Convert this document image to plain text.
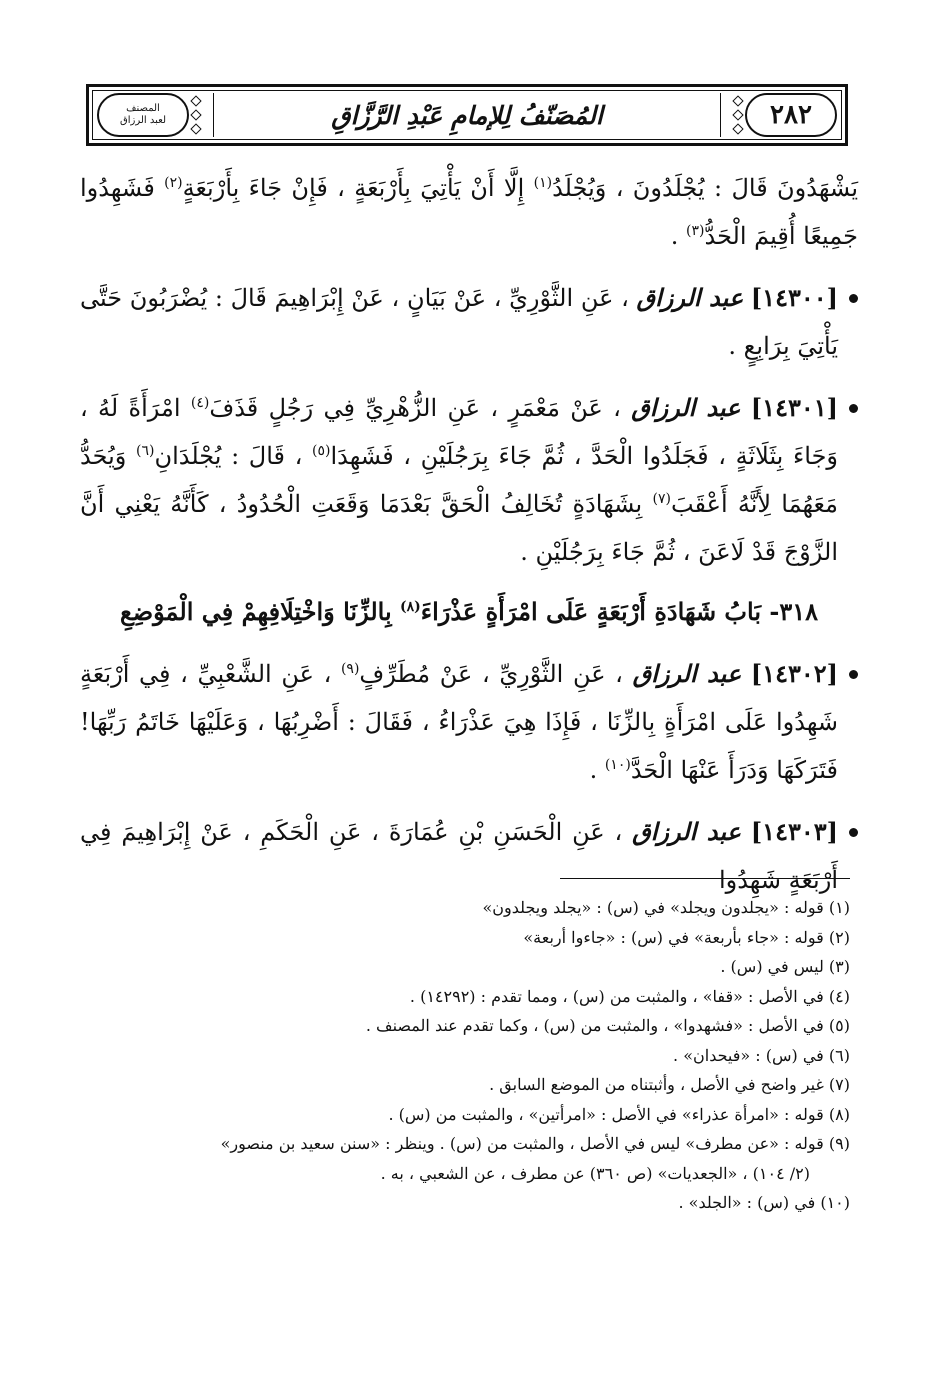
٢٨٢
المُصَنّفُ لِلإمامِ عَبْدِ الرَّزَّاقِ
المصنف
لعبد الرزاق

يَشْهَدُونَ قَالَ : يُجْلَدُونَ ، وَيُجْلَدُ$^{(١)}$ إِلَّا أَنْ يَأْتِيَ بِأَرْبَعَةٍ ، فَإِنْ جَاءَ بِأَرْبَعَةٍ$^{(٢)}$ فَشَهِدُوا جَمِيعًا أُقِيمَ الْحَدُّ$^{(٣)}$ .

[١٤٣٠٠] عبد الرزاق ، عَنِ الثَّوْرِيِّ ، عَنْ بَيَانٍ ، عَنْ إِبْرَاهِيمَ قَالَ : يُضْرَبُونَ حَتَّى يَأْتِيَ بِرَابِعٍ .

[١٤٣٠١] عبد الرزاق ، عَنْ مَعْمَرٍ ، عَنِ الزُّهْرِيِّ فِي رَجُلٍ قَذَفَ$^{(٤)}$ امْرَأَةً لَهُ ، وَجَاءَ بِثَلَاثَةٍ ، فَجَلَدُوا الْحَدَّ ، ثُمَّ جَاءَ بِرَجُلَيْنِ ، فَشَهِدَا$^{(٥)}$ ، قَالَ : يُجْلَدَانِ$^{(٦)}$ وَيُحَدُّ مَعَهُمَا لِأَنَّهُ أَعْقَبَ$^{(٧)}$ بِشَهَادَةٍ تُخَالِفُ الْحَقَّ بَعْدَمَا وَقَعَتِ الْحُدُودُ ، كَأَنَّهُ يَعْنِي أَنَّ الزَّوْجَ قَدْ لَاعَنَ ، ثُمَّ جَاءَ بِرَجُلَيْنِ .

٣١٨- بَابُ شَهَادَةِ أَرْبَعَةٍ عَلَى امْرَأَةٍ عَذْرَاءَ$^{(٨)}$ بِالزِّنَا وَاخْتِلَافِهِمْ فِي الْمَوْضِعِ

[١٤٣٠٢] عبد الرزاق ، عَنِ الثَّوْرِيِّ ، عَنْ مُطَرِّفٍ$^{(٩)}$ ، عَنِ الشَّعْبِيِّ ، فِي أَرْبَعَةٍ شَهِدُوا عَلَى امْرَأَةٍ بِالزِّنَا ، فَإِذَا هِيَ عَذْرَاءُ ، فَقَالَ : أَضْرِبُهَا ، وَعَلَيْهَا خَاتَمُ رَبِّهَا! فَتَرَكَهَا وَدَرَأَ عَنْهَا الْحَدَّ$^{(١٠)}$ .

[١٤٣٠٣] عبد الرزاق ، عَنِ الْحَسَنِ بْنِ عُمَارَةَ ، عَنِ الْحَكَمِ ، عَنْ إِبْرَاهِيمَ فِي أَرْبَعَةٍ شَهِدُوا

(١) قوله : «يجلدون ويجلد» في (س) : «يجلد ويجلدون»

(٢) قوله : «جاء بأربعة» في (س) : «جاءوا أربعة»

(٣) ليس في (س) .

(٤) في الأصل : «قفا» ، والمثبت من (س) ، ومما تقدم : (١٤٢٩٢) .

(٥) في الأصل : «فشهدوا» ، والمثبت من (س) ، وكما تقدم عند المصنف .

(٦) في (س) : «فيحدان» .

(٧) غير واضح في الأصل ، وأثبتناه من الموضع السابق .

(٨) قوله : «امرأة عذراء» في الأصل : «امرأتين» ، والمثبت من (س) .

(٩) قوله : «عن مطرف» ليس في الأصل ، والمثبت من (س) . وينظر : «سنن سعيد بن منصور»

(٢/ ١٠٤) ، «الجعديات» (ص ٣٦٠) عن مطرف ، عن الشعبي ، به .

(١٠) في (س) : «الجلد» .
